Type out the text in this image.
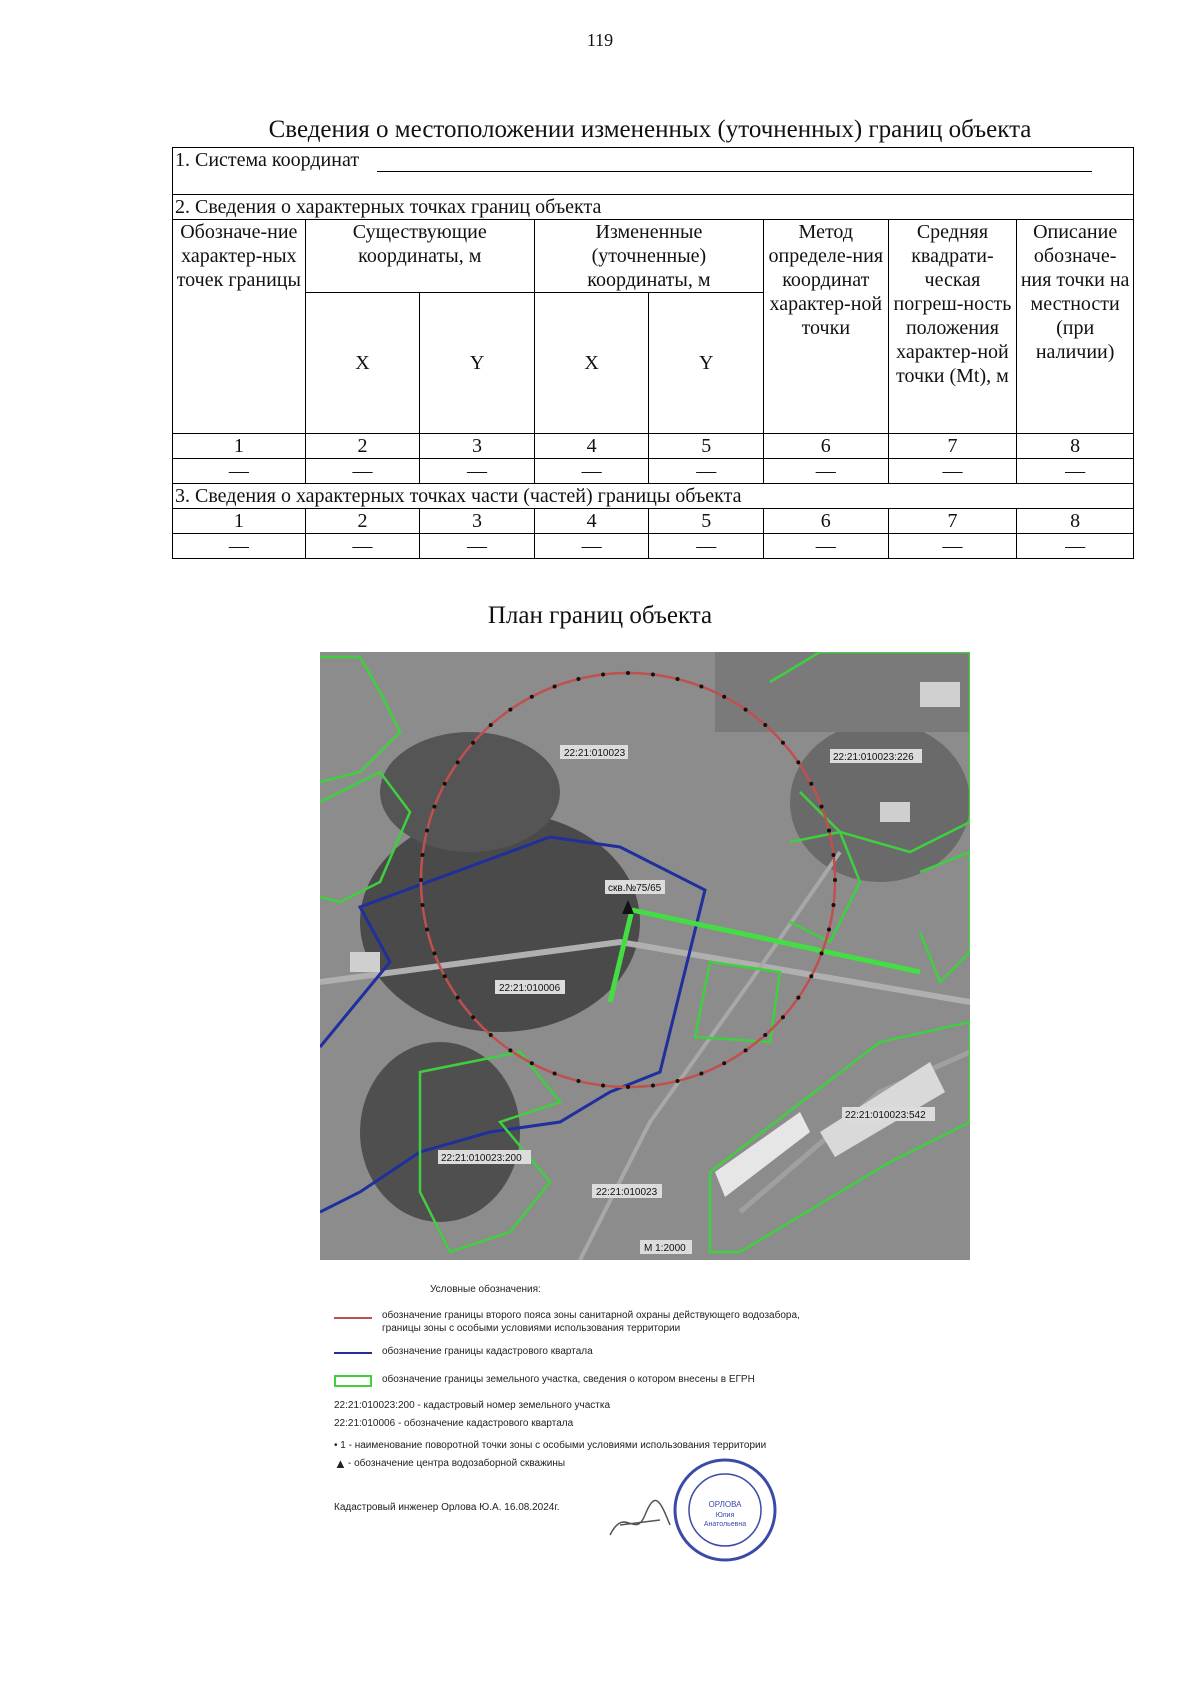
119
Сведения о местоположении измененных (уточненных) границ объекта
1. Система координат							

2. Сведения о характерных точках границ объекта							
Обозначе-ние характер-ных точек границы	Существующие координаты, м		Измененные (уточненные) координаты, м		Метод определе-ния координат характер-ной точки	Средняя квадрати-ческая погреш-ность положения характер-ной точки (Mt), м	Описание обозначе-ния точки на местности (при наличии)
	X	Y	X	Y			
1	2	3	4	5	6	7	8
—	—	—	—	—	—	—	—
3. Сведения о характерных точках части (частей) границы объекта							
1	2	3	4	5	6	7	8
—	—	—	—	—	—	—	—
План границ объекта
22:21:010023	22:21:010023:226
скв.№75/65
22:21:010006
22:21:010023:542
22:21:010023:200
22:21:010023
М 1:2000
Условные обозначения:
обозначение границы второго пояса зоны санитарной охраны действующего водозабора,
границы зоны с особыми условиями использования территории
обозначение границы кадастрового квартала
обозначение границы земельного участка, сведения о котором внесены в ЕГРН
22:21:010023:200 - кадастровый номер земельного участка
22:21:010006 - обозначение кадастрового квартала
• 1 - наименование поворотной точки зоны с особыми условиями использования территории
▲ - обозначение центра водозаборной скважины
Кадастровый инженер Орлова Ю.А. 16.08.2024г.	ОРЛОВА
Юлия
Анатольевна
